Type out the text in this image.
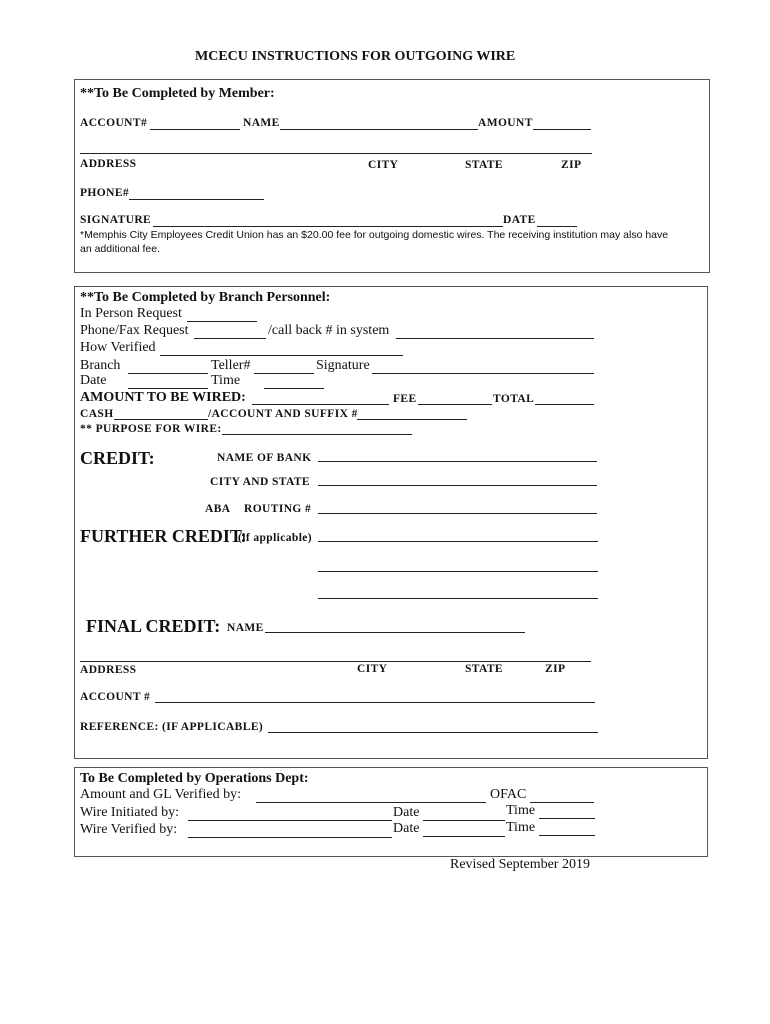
MCECU INSTRUCTIONS FOR OUTGOING WIRE
**To Be Completed by Member:
ACCOUNT#	NAME	AMOUNT
ADDRESS	CITY	STATE	ZIP
PHONE#
SIGNATURE	DATE
*Memphis City Employees Credit Union has an $20.00 fee for outgoing domestic wires. The receiving institution may also have
an additional fee.
**To Be Completed by Branch Personnel:
In Person Request
Phone/Fax Request	/call back # in system
How Verified
Branch	Teller#	Signature
Date	Time
AMOUNT TO BE WIRED:	FEE	TOTAL
CASH	/ACCOUNT AND SUFFIX #
** PURPOSE FOR WIRE:
CREDIT:	NAME OF BANK
CITY AND STATE
ABA ROUTING #
FURTHER CREDIT:
(if applicable)
FINAL CREDIT: NAME
ADDRESS	CITY	STATE	ZIP
ACCOUNT #
REFERENCE: (IF APPLICABLE)
To Be Completed by Operations Dept:
Amount and GL Verified by:	OFAC
Wire Initiated by:	Date	Time
Wire Verified by:	Date	Time
Revised September 2019
